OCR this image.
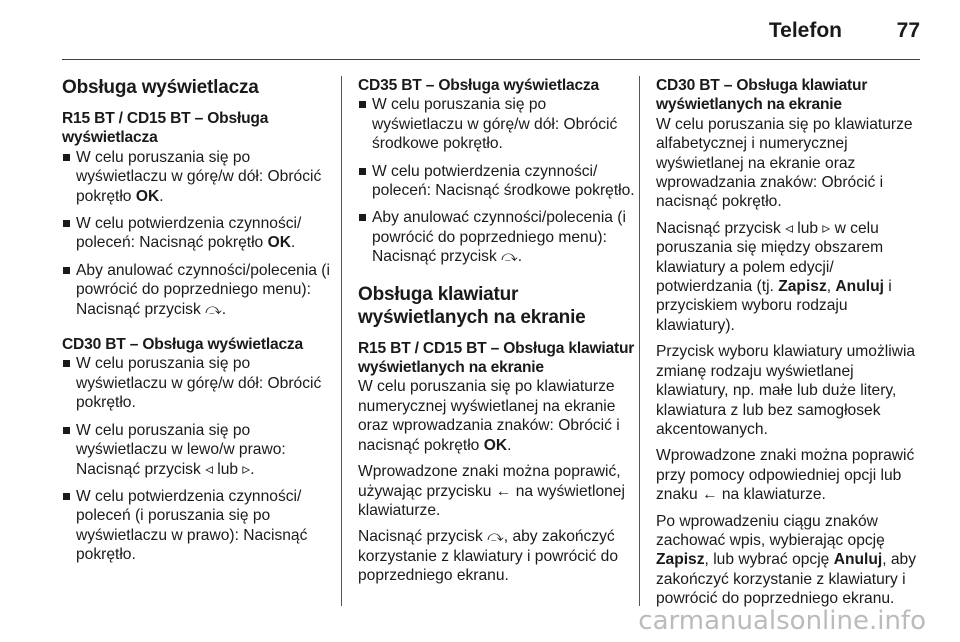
Telefon	77
Obsługa wyświetlacza
R15 BT / CD15 BT – Obsługa wyświetlacza
W celu poruszania się po wyświetlaczu w górę/w dół: Obrócić pokrętło OK.
W celu potwierdzenia czynności/ poleceń: Nacisnąć pokrętło OK.
Aby anulować czynności/polecenia (i powrócić do poprzedniego menu): Nacisnąć przycisk ⤼.
CD30 BT – Obsługa wyświetlacza
W celu poruszania się po wyświetlaczu w górę/w dół: Obrócić pokrętło.
W celu poruszania się po wyświetlaczu w lewo/w prawo: Nacisnąć przycisk ◃ lub ▹.
W celu potwierdzenia czynności/ poleceń (i poruszania się po wyświetlaczu w prawo): Nacisnąć pokrętło.
CD35 BT – Obsługa wyświetlacza
W celu poruszania się po wyświetlaczu w górę/w dół: Obrócić środkowe pokrętło.
W celu potwierdzenia czynności/ poleceń: Nacisnąć środkowe pokrętło.
Aby anulować czynności/polecenia (i powrócić do poprzedniego menu): Nacisnąć przycisk ⤼.
Obsługa klawiatur wyświetlanych na ekranie
R15 BT / CD15 BT – Obsługa klawiatur wyświetlanych na ekranie

W celu poruszania się po klawiaturze numerycznej wyświetlanej na ekranie oraz wprowadzania znaków: Obrócić i nacisnąć pokrętło OK.

Wprowadzone znaki można poprawić, używając przycisku ← na wyświetlonej klawiaturze.

Nacisnąć przycisk ⤼, aby zakończyć korzystanie z klawiatury i powrócić do poprzedniego ekranu.

CD30 BT – Obsługa klawiatur wyświetlanych na ekranie

W celu poruszania się po klawiaturze alfabetycznej i numerycznej wyświetlanej na ekranie oraz wprowadzania znaków: Obrócić i nacisnąć pokrętło.

Nacisnąć przycisk ◃ lub ▹ w celu poruszania się między obszarem klawiatury a polem edycji/ potwierdzania (tj. Zapisz, Anuluj i przyciskiem wyboru rodzaju klawiatury).

Przycisk wyboru klawiatury umożliwia zmianę rodzaju wyświetlanej klawiatury, np. małe lub duże litery, klawiatura z lub bez samogłosek akcentowanych.

Wprowadzone znaki można poprawić przy pomocy odpowiedniej opcji lub znaku ← na klawiaturze.

Po wprowadzeniu ciągu znaków zachować wpis, wybierając opcję Zapisz, lub wybrać opcję Anuluj, aby zakończyć korzystanie z klawiatury i powrócić do poprzedniego ekranu.

carmanualsonline.info
